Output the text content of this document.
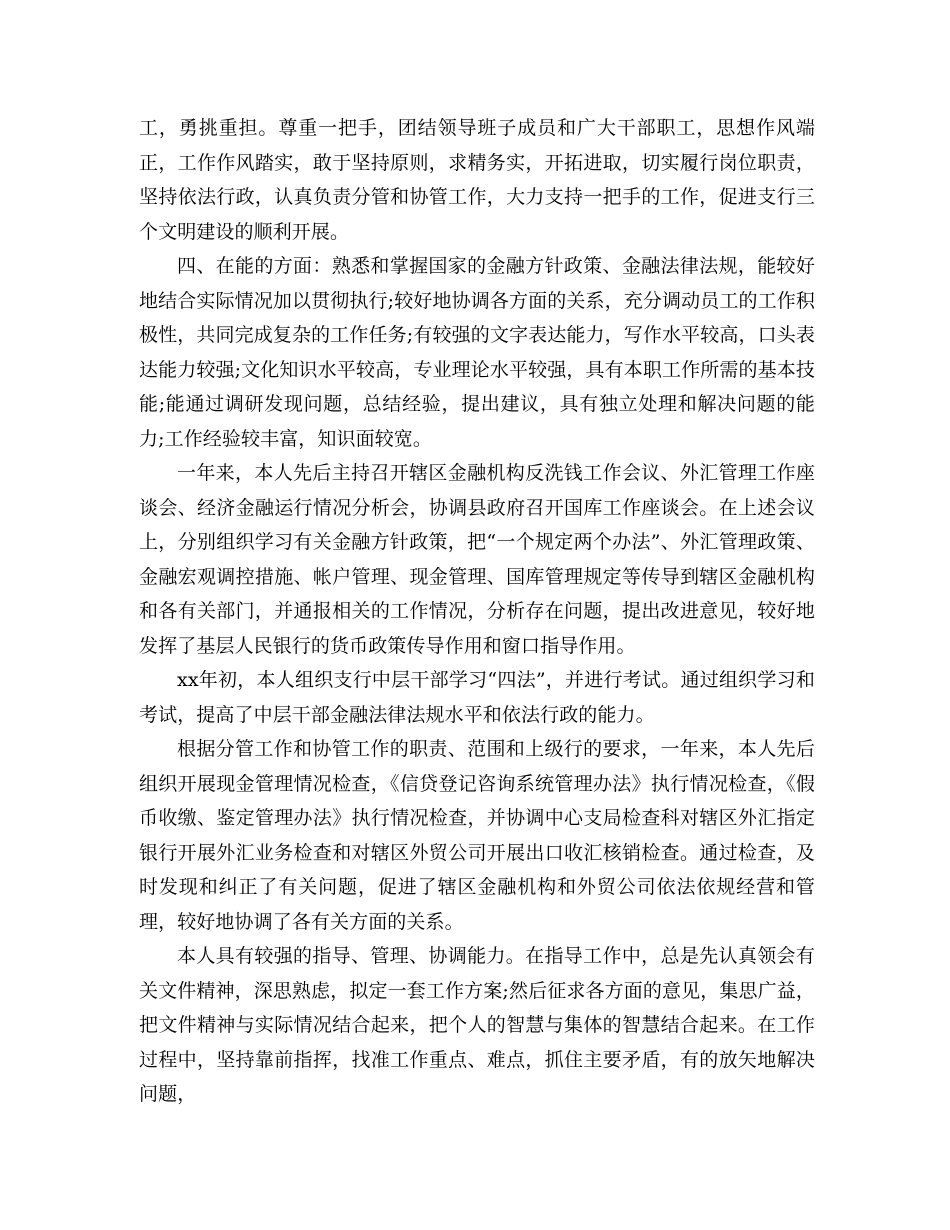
工，勇挑重担。尊重一把手，团结领导班子成员和广大干部职工，思想作风端正，工作作风踏实，敢于坚持原则，求精务实，开拓进取，切实履行岗位职责，坚持依法行政，认真负责分管和协管工作，大力支持一把手的工作，促进支行三个文明建设的顺利开展。

四、在能的方面：熟悉和掌握国家的金融方针政策、金融法律法规，能较好地结合实际情况加以贯彻执行;较好地协调各方面的关系，充分调动员工的工作积极性，共同完成复杂的工作任务;有较强的文字表达能力，写作水平较高，口头表达能力较强;文化知识水平较高，专业理论水平较强，具有本职工作所需的基本技能;能通过调研发现问题，总结经验，提出建议，具有独立处理和解决问题的能力;工作经验较丰富，知识面较宽。

一年来，本人先后主持召开辖区金融机构反洗钱工作会议、外汇管理工作座谈会、经济金融运行情况分析会，协调县政府召开国库工作座谈会。在上述会议上，分别组织学习有关金融方针政策，把“一个规定两个办法”、外汇管理政策、金融宏观调控措施、帐户管理、现金管理、国库管理规定等传导到辖区金融机构和各有关部门，并通报相关的工作情况，分析存在问题，提出改进意见，较好地发挥了基层人民银行的货币政策传导作用和窗口指导作用。

xx年初，本人组织支行中层干部学习“四法”，并进行考试。通过组织学习和考试，提高了中层干部金融法律法规水平和依法行政的能力。

根据分管工作和协管工作的职责、范围和上级行的要求，一年来，本人先后组织开展现金管理情况检查，《信贷登记咨询系统管理办法》执行情况检查，《假币收缴、鉴定管理办法》执行情况检查，并协调中心支局检查科对辖区外汇指定银行开展外汇业务检查和对辖区外贸公司开展出口收汇核销检查。通过检查，及时发现和纠正了有关问题，促进了辖区金融机构和外贸公司依法依规经营和管理，较好地协调了各有关方面的关系。

本人具有较强的指导、管理、协调能力。在指导工作中，总是先认真领会有关文件精神，深思熟虑，拟定一套工作方案;然后征求各方面的意见，集思广益，把文件精神与实际情况结合起来，把个人的智慧与集体的智慧结合起来。在工作过程中，坚持靠前指挥，找准工作重点、难点，抓住主要矛盾，有的放矢地解决问题，
